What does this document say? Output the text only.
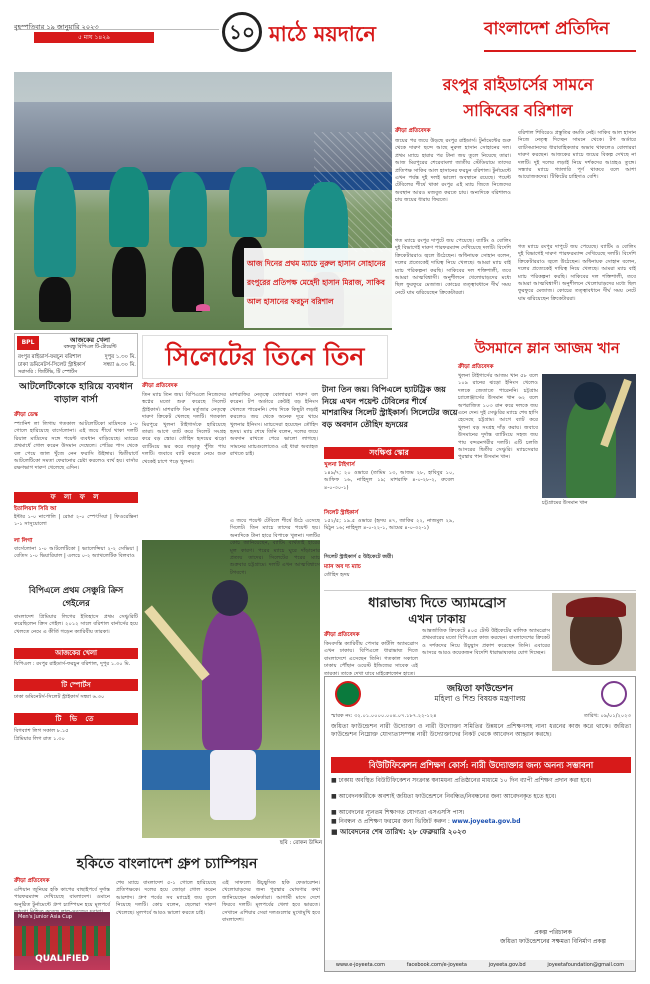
বৃহস্পতিবার ১৯ জানুয়ারি ২০২৩
৫ মাঘ ১৪২৯	১০ মাঠে ময়দানে	বাংলাদেশ প্রতিদিন
আজ দিনের প্রথম ম্যাচে নুরুল হাসান সোহানের রংপুরের প্রতিপক্ষ মেহেদী হাসান মিরাজ, সাকিব আল হাসানের ফরচুন বরিশাল
রংপুর রাইডার্সের সামনে
সাকিবের বরিশাল
ক্রীড়া প্রতিবেদক
জয়ের পর জয়ে উড়ছে রংপুর রাইডার্স। টুর্নামেন্টের শুরু থেকে দারুণ ছন্দে আছে নুরুল হাসান সোহানের দল। প্রথম ম্যাচে হারার পর টানা জয় তুলে নিয়েছে তারা। আজ মিরপুরের শেরেবাংলা জাতীয় স্টেডিয়ামে তাদের প্রতিপক্ষ সাকিব আল হাসানের ফরচুন বরিশাল। টুর্নামেন্টে এখন পর্যন্ত দুই দলই ভালো অবস্থানে রয়েছে। পয়েন্ট টেবিলের শীর্ষে থাকা রংপুর এই ম্যাচ জিতে নিজেদের অবস্থান আরও মজবুত করতে চায়। অন্যদিকে বরিশালও চায় জয়ের ধারায় ফিরতে।
গত ম্যাচে রংপুর দাপুটে জয় পেয়েছে। ব্যাটিং ও বোলিং দুই বিভাগেই দারুণ পারফরম্যান্স দেখিয়েছে দলটি। বিদেশি ক্রিকেটাররাও জ্বলে উঠেছেন। অধিনায়ক সোহান বলেন, দলের প্রত্যেকেই দায়িত্ব নিয়ে খেলছে। আমরা ম্যাচ বাই ম্যাচ পরিকল্পনা করছি। সাকিবের দল শক্তিশালী, তবে আমরা আত্মবিশ্বাসী। অনুশীলনে খেলোয়াড়দের মধ্যে ছিল ফুরফুরে মেজাজ। কোচের তত্ত্বাবধানে দীর্ঘ সময় নেটে ঘাম ঝরিয়েছেন ক্রিকেটাররা।
বরিশাল শিবিরেও প্রস্তুতির কমতি নেই। সাকিব আল হাসান নিজে নেতৃত্ব দিচ্ছেন সামনে থেকে। টপ অর্ডারে ব্যাটসম্যানদের ধারাবাহিকতার অভাব থাকলেও বোলাররা দারুণ করছেন। আজকের ম্যাচে জয়ের বিকল্প দেখছে না দলটি। দুই দলের লড়াই নিয়ে দর্শকদের আগ্রহও তুঙ্গে। সন্ধ্যার ম্যাচে গ্যালারি পূর্ণ থাকবে বলে আশা আয়োজকদের। টিকিটের চাহিদাও বেশি।
গত ম্যাচে রংপুর দাপুটে জয় পেয়েছে। ব্যাটিং ও বোলিং দুই বিভাগেই দারুণ পারফরম্যান্স দেখিয়েছে দলটি। বিদেশি ক্রিকেটাররাও জ্বলে উঠেছেন। অধিনায়ক সোহান বলেন, দলের প্রত্যেকেই দায়িত্ব নিয়ে খেলছে। আমরা ম্যাচ বাই ম্যাচ পরিকল্পনা করছি। সাকিবের দল শক্তিশালী, তবে আমরা আত্মবিশ্বাসী। অনুশীলনে খেলোয়াড়দের মধ্যে ছিল ফুরফুরে মেজাজ। কোচের তত্ত্বাবধানে দীর্ঘ সময় নেটে ঘাম ঝরিয়েছেন ক্রিকেটাররা।
BPL	আজকের খেলা
বঙ্গবন্ধু বিপিএল টি-টোয়েন্টি
রংপুর রাইডার্স-ফরচুন বরিশাল	দুপুর ১.৩০ মি.
ঢাকা ডমিনেটর্স-সিলেট স্ট্রাইকার্স	সন্ধ্যা ৬.৩০ মি.
সরাসরি : জিটিভি, টি স্পোর্টস
সিলেটের তিনে তিন
ক্রীড়া প্রতিবেদক
তিন ম্যাচ তিন জয়। বিপিএলে নিজেদের স্বপ্নের মতো শুরু করেছে সিলেট স্ট্রাইকার্স। মাশরাফি বিন মর্তুজার নেতৃত্বে দারুণ ক্রিকেট খেলছে দলটি। গতকাল মিরপুরে খুলনা টাইগার্সকে হারিয়েছে তারা। আগে ব্যাট করে সিলেট সংগ্রহ করে বড় স্কোর। তৌহিদ হৃদয়ের ঝড়ো ব্যাটিংয়ে ভর করে লড়াকু পুঁজি পায় দলটি। জবাবে ব্যাট করতে নেমে শুরু থেকেই চাপে পড়ে খুলনা।
মাশরাফির নেতৃত্বে বোলাররা দারুণ বল করেন। টপ অর্ডারে কেউই বড় ইনিংস খেলতে পারেননি। শেষ দিকে কিছুটা লড়াই করলেও জয় থেকে অনেক দূরে থামে খুলনার ইনিংস। ম্যাচসেরা হয়েছেন তৌহিদ হৃদয়। ম্যাচ শেষে তিনি বলেন, দলের জয়ে অবদান রাখতে পেরে ভালো লাগছে। সামনের ম্যাচগুলোতেও এই ধারা অব্যাহত রাখতে চাই।
আটলেটিকোকে হারিয়ে ব্যবধান বাড়াল বার্সা
ক্রীড়া ডেস্ক
স্প্যানিশ লা লিগায় গতকাল আটলেটিকো মাদ্রিদকে ১-০ গোলে হারিয়েছে বার্সেলোনা। এই জয়ে শীর্ষে থাকা দলটি রিয়াল মাদ্রিদের সঙ্গে পয়েন্ট ব্যবধান বাড়িয়েছে। ম্যাচের প্রথমার্ধে গোল করেন উসমান দেম্বেলে। পেদ্রির পাস থেকে বল পেয়ে জাল খুঁজে নেন ফরাসি উইঙ্গার। দ্বিতীয়ার্ধে আটলেটিকো সমতা ফেরানোর চেষ্টা করলেও ব্যর্থ হয়। বার্সার রক্ষণভাগ দারুণ খেলেছে এদিন।
ফ লা ফ ল
ইতালিয়ান সিরি আ
ইন্টার ১-০ নাপোলি | রোমা ২-০ স্পেৎসিয়া | ফিওরেন্তিনা ১-১ সাসুয়োলো
লা লিগা
বার্সেলোনা ১-০ আটলেটিকো | ভ্যালেন্সিয়া ২-২ সেভিয়া | বেতিস ১-০ ভিয়ারিয়াল | এলচে ০-২ অ্যাথলেটিক বিলবাও
বিপিএলে প্রথম সেঞ্চুরি ক্রিস গেইলের
বাংলাদেশ প্রিমিয়ার লিগের ইতিহাসে প্রথম সেঞ্চুরিটি করেছিলেন ক্রিস গেইল। ২০১২ সালে বরিশাল বার্নার্সের হয়ে খেলতে নেমে এ কীর্তি গড়েন ক্যারিবীয় তারকা।
আজকের খেলা
বিপিএল : রংপুর রাইডার্স-ফরচুন বরিশাল, দুপুর ১.৩০ মি.
টি স্পোর্টস
ঢাকা ডমিনেটর্স-সিলেট স্ট্রাইকার্স সন্ধ্যা ৬.৩০
টি ভি তে
বিগব্যাশ লিগ সকাল ৮.১৫
প্রিমিয়ার লিগ রাত ১.৩০
ছবি : রোকন উদ্দিন
সংক্ষিপ্ত স্কোর
খুলনা টাইগার্স
১৪৯/৭; ২০ ওভারে (তামিম ১৩, আজম ২৮, হাবিবুর ১০, আফিফ ১৬, নাহিদুল ১৯; মাশরাফি ৪-০-২৮-২, রুবেল ৪-০-৩০-১)
সিলেট স্ট্রাইকার্স
১৫২/৫; ১৯.৫ ওভারে (হৃদয় ৪৭, জাকির ২২, নাজমুল ২৯, মিঠুন ১৬; নাহিদুল ৪-০-২২-১, আমের ৪-০-৩২-১)
সিলেট স্ট্রাইকার্স ৫ উইকেটে জয়ী।
ম্যান অব দ্য ম্যাচ
তৌহিদ হৃদয়
টানা তিন জয়। বিপিএলে হ্যাটট্রিক জয় নিয়ে এখন পয়েন্ট টেবিলের শীর্ষে মাশরাফির সিলেট স্ট্রাইকার্স। সিলেটের জয়ে বড় অবদান তৌহিদ হৃদয়ের
এ জয়ে পয়েন্ট টেবিলে শীর্ষে উঠে এসেছে সিলেট। তিন ম্যাচে তাদের পয়েন্ট ছয়। অন্যদিকে টানা হারে বিপাকে খুলনা। দলটির কোচ জানিয়েছেন, ব্যাটিং ব্যর্থতাই হারের মূল কারণ। পরের ম্যাচে ঘুরে দাঁড়ানোর প্রত্যয় তাদের। সিলেটের পরের ম্যাচ শুক্রবার চট্টগ্রামে। দলটি এখন আত্মবিশ্বাসে টগবগে।
উসমানে ম্লান আজম খান
ক্রীড়া প্রতিবেদক
খুলনা টাইগার্সের আজম খান ৫৮ বলে ১০৯ রানের ঝড়ো ইনিংস খেলেও দলকে জেতাতে পারেননি। চট্টগ্রাম চ্যালেঞ্জার্সের উসমান খান ৬২ বলে অপরাজিত ১০৩ রান করে দলকে জয় এনে দেন। দুই সেঞ্চুরির ম্যাচে শেষ হাসি হেসেছে চট্টগ্রাম। আগে ব্যাট করে খুলনা বড় সংগ্রহ দাঁড় করায়। জবাবে উসমানের দুর্দান্ত ব্যাটিংয়ে সহজ জয় পায় বন্দরনগরীর দলটি। এটি চলতি আসরের দ্বিতীয় সেঞ্চুরি। ম্যাচসেরার পুরস্কার পান উসমান খান।
চট্টগ্রামের উসমান খান
ধারাভাষ্য দিতে অ্যামব্রোস
এখন ঢাকায়
ক্রীড়া প্রতিবেদক
কিংবদন্তি ক্যারিবীয় পেসার কার্টলি অ্যামব্রোস এখন ঢাকায়। বিপিএলে ধারাভাষ্য দিতে বাংলাদেশে এসেছেন তিনি। গতকাল সকালে ঢাকায় পৌঁছান ওয়েস্ট ইন্ডিজের সাবেক এই তারকা। তাকে দেখা যাবে মাইক্রোফোন হাতে।
আন্তর্জাতিক ক্রিকেটে ৪০৫ টেস্ট উইকেটের মালিক অ্যামব্রোস প্রথমবারের মতো বিপিএলে কাজ করছেন। বাংলাদেশের ক্রিকেট ও দর্শকদের নিয়ে উচ্ছ্বাস প্রকাশ করেছেন তিনি। এবারের আসরে আরও কয়েকজন বিদেশি ধারাভাষ্যকার যোগ দিচ্ছেন।
জয়িতা ফাউন্ডেশন
মহিলা ও শিশু বিষয়ক মন্ত্রণালয়
স্মারক নং: ৩২.০১.০০০০.০০৪.০৭.১৮৭.২২-১২৪	তারিখ: ০৯/০১/২০২৩
জয়িতা ফাউন্ডেশন নারী উদ্যোক্তা ও নারী উদ্যোক্তা সমিতির উন্নয়নে প্রশিক্ষণসহ নানা ধরনের কাজ করে থাকে। জয়িতা ফাউন্ডেশন নিম্নোক্ত যোগ্যতাসম্পন্ন নারী উদ্যোক্তাদের নিকট থেকে আবেদন আহ্বান করছে।
বিউটিফিকেশন প্রশিক্ষণ কোর্স: নারী উদ্যোক্তার জন্য অনন্য সম্ভাবনা
■ ঢাকায় অবস্থিত বিউটিফিকেশন সংক্রান্ত স্বনামধন্য প্রতিষ্ঠানের মাধ্যমে ১০ দিন ব্যাপী প্রশিক্ষণ প্রদান করা হবে।
■ আবেদনকারীকে অবশ্যই জয়িতা ফাউন্ডেশনে নিবন্ধিত/নিবন্ধনের জন্য আবেদনকৃত হতে হবে।
■ আবেদনের ন্যূনতম শিক্ষাগত যোগ্যতা এসএসসি পাস।
■ নিবন্ধন ও প্রশিক্ষণ ফরমের জন্য ভিজিট করুন : www.joyeeta.gov.bd
■ আবেদনের শেষ তারিখ: ২৮ ফেব্রুয়ারি ২০২৩
প্রকল্প পরিচালক
জয়িতা ফাউন্ডেশনের সক্ষমতা বিনির্মাণ প্রকল্প
www.e-joyeeta.com	facebook.com/e-joyeeta	joyeeta.gov.bd	joyeetafoundation@gmail.com
হকিতে বাংলাদেশ গ্রুপ চ্যাম্পিয়ন
ক্রীড়া প্রতিবেদক
এশিয়ান জুনিয়র হকি কাপের বাছাইপর্বে দুর্দান্ত পারফরম্যান্স দেখিয়েছে বাংলাদেশ। ওমানে অনুষ্ঠিত টুর্নামেন্টে গ্রুপ চ্যাম্পিয়ন হয়ে মূলপর্বে
Men's Junior Asia Cup
QUALIFIED
শেষ ম্যাচে বাংলাদেশ ৫-১ গোলে হারিয়েছে প্রতিপক্ষকে। দলের হয়ে জোড়া গোল করেন আরশাদ। গ্রুপ পর্বের সব ম্যাচেই জয় তুলে নিয়েছে দলটি। কোচ বলেন, ছেলেরা দারুণ খেলেছে। মূলপর্বে আরও ভালো করতে চাই।
এই সাফল্যে উচ্ছ্বসিত হকি ফেডারেশন। খেলোয়াড়দের জন্য পুরস্কার ঘোষণার কথা জানিয়েছেন কর্মকর্তারা। আগামী মাসে দেশে ফিরবে দলটি। মূলপর্বের খেলা হবে ভারতে। সেখানে এশিয়ার সেরা দলগুলোর মুখোমুখি হবে বাংলাদেশ।
